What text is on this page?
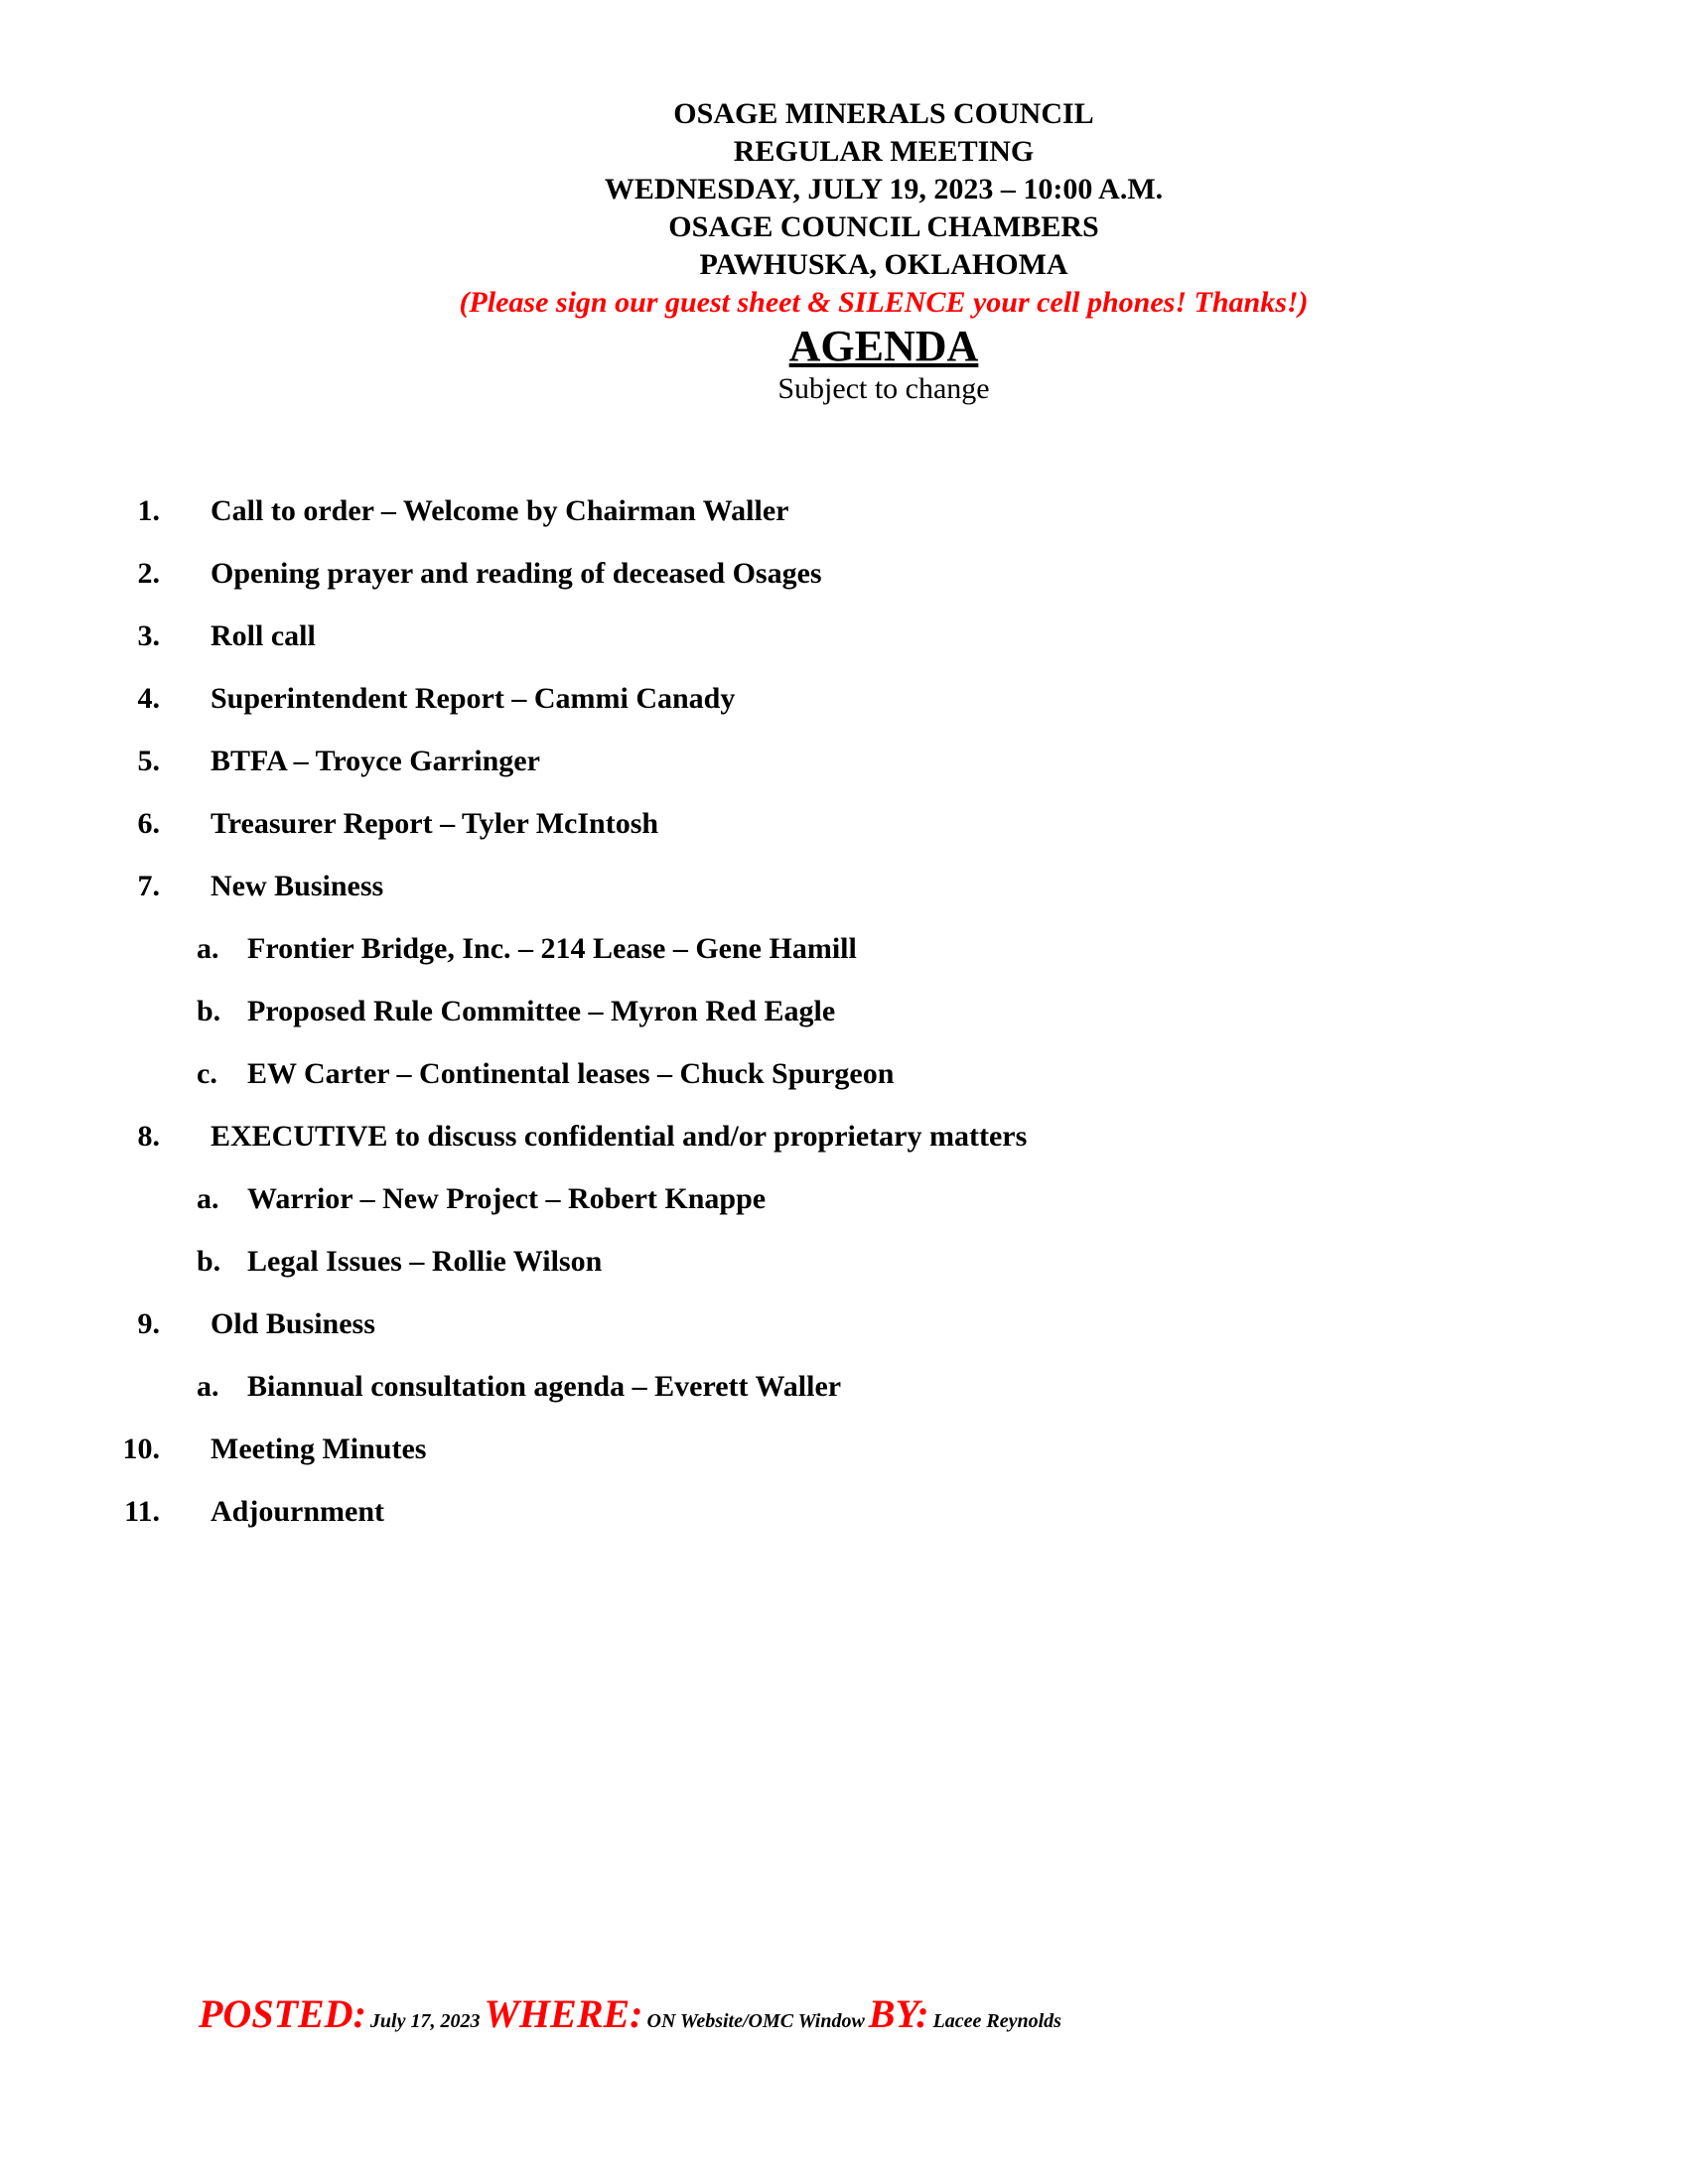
OSAGE MINERALS COUNCIL
REGULAR MEETING
WEDNESDAY, JULY 19, 2023 – 10:00 A.M.
OSAGE COUNCIL CHAMBERS
PAWHUSKA, OKLAHOMA
(Please sign our guest sheet & SILENCE your cell phones! Thanks!)
AGENDA
Subject to change
1. Call to order – Welcome by Chairman Waller
2. Opening prayer and reading of deceased Osages
3. Roll call
4. Superintendent Report – Cammi Canady
5. BTFA – Troyce Garringer
6. Treasurer Report – Tyler McIntosh
7. New Business
a. Frontier Bridge, Inc. – 214 Lease – Gene Hamill
b. Proposed Rule Committee – Myron Red Eagle
c. EW Carter – Continental leases – Chuck Spurgeon
8. EXECUTIVE to discuss confidential and/or proprietary matters
a. Warrior – New Project – Robert Knappe
b. Legal Issues – Rollie Wilson
9. Old Business
a. Biannual consultation agenda – Everett Waller
10. Meeting Minutes
11. Adjournment
POSTED: July 17, 2023 WHERE: ON Website/OMC Window BY: Lacee Reynolds
